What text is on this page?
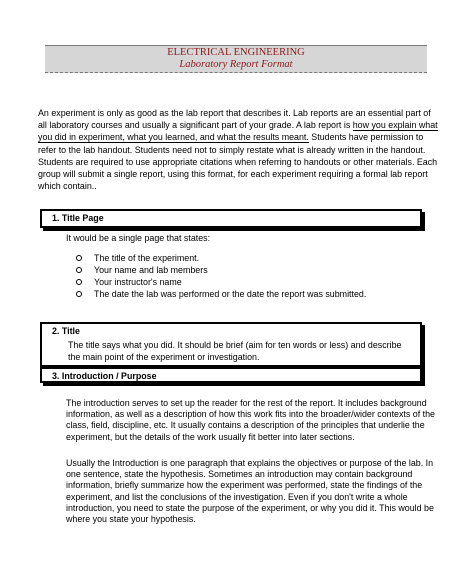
ELECTRICAL ENGINEERING
Laboratory Report Format
An experiment is only as good as the lab report that describes it. Lab reports are an essential part of all laboratory courses and usually a significant part of your grade. A lab report is how you explain what you did in experiment, what you learned, and what the results meant. Students have permission to refer to the lab handout. Students need not to simply restate what is already written in the handout. Students are required to use appropriate citations when referring to handouts or other materials. Each group will submit a single report, using this format, for each experiment requiring a formal lab report which contain..
1. Title Page
It would be a single page that states:
The title of the experiment.
Your name and lab members
Your instructor's name
The date the lab was performed or the date the report was submitted.
2. Title
The title says what you did. It should be brief (aim for ten words or less) and describe the main point of the experiment or investigation.
3. Introduction / Purpose
The introduction serves to set up the reader for the rest of the report. It includes background information, as well as a description of how this work fits into the broader/wider contexts of the class, field, discipline, etc. It usually contains a description of the principles that underlie the experiment, but the details of the work usually fit better into later sections.
Usually the Introduction is one paragraph that explains the objectives or purpose of the lab. In one sentence, state the hypothesis. Sometimes an introduction may contain background information, briefly summarize how the experiment was performed, state the findings of the experiment, and list the conclusions of the investigation. Even if you don't write a whole introduction, you need to state the purpose of the experiment, or why you did it. This would be where you state your hypothesis.
